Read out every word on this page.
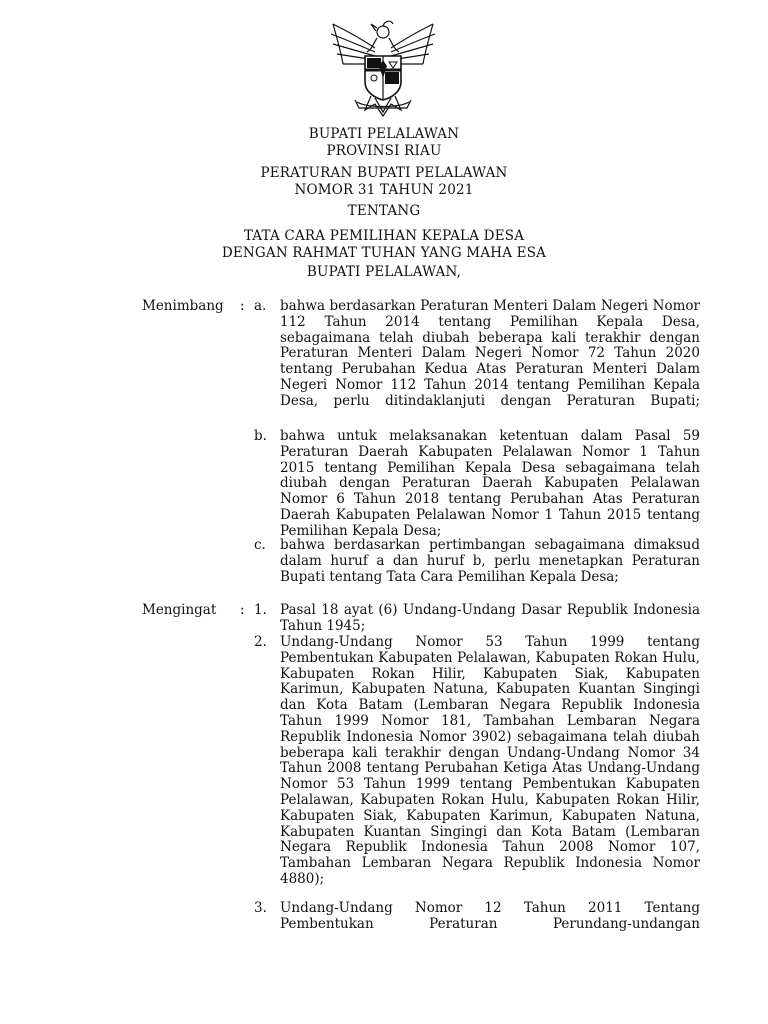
BUPATI PELALAWAN
PROVINSI RIAU
PERATURAN BUPATI PELALAWAN
NOMOR 31 TAHUN 2021
TENTANG
TATA CARA PEMILIHAN KEPALA DESA
DENGAN RAHMAT TUHAN YANG MAHA ESA
BUPATI PELALAWAN,
Menimbang	: a.	bahwa berdasarkan Peraturan Menteri Dalam Negeri Nomor 112 Tahun 2014 tentang Pemilihan Kepala Desa, sebagaimana telah diubah beberapa kali terakhir dengan Peraturan Menteri Dalam Negeri Nomor 72 Tahun 2020 tentang Perubahan Kedua Atas Peraturan Menteri Dalam Negeri Nomor 112 Tahun 2014 tentang Pemilihan Kepala Desa, perlu ditindaklanjuti dengan Peraturan Bupati;
b. bahwa untuk melaksanakan ketentuan dalam Pasal 59 Peraturan Daerah Kabupaten Pelalawan Nomor 1 Tahun 2015 tentang Pemilihan Kepala Desa sebagaimana telah diubah dengan Peraturan Daerah Kabupaten Pelalawan Nomor 6 Tahun 2018 tentang Perubahan Atas Peraturan Daerah Kabupaten Pelalawan Nomor 1 Tahun 2015 tentang Pemilihan Kepala Desa;
c.	bahwa berdasarkan pertimbangan sebagaimana dimaksud dalam huruf a dan huruf b, perlu menetapkan Peraturan Bupati tentang Tata Cara Pemilihan Kepala Desa;
Mengingat	: 1. Pasal 18 ayat (6) Undang-Undang Dasar Republik Indonesia Tahun 1945;
2. Undang-Undang Nomor 53 Tahun 1999 tentang Pembentukan Kabupaten Pelalawan, Kabupaten Rokan Hulu, Kabupaten Rokan Hilir, Kabupaten Siak, Kabupaten Karimun, Kabupaten Natuna, Kabupaten Kuantan Singingi dan Kota Batam (Lembaran Negara Republik Indonesia Tahun 1999 Nomor 181, Tambahan Lembaran Negara Republik Indonesia Nomor 3902) sebagaimana telah diubah beberapa kali terakhir dengan Undang-Undang Nomor 34 Tahun 2008 tentang Perubahan Ketiga Atas Undang-Undang Nomor 53 Tahun 1999 tentang Pembentukan Kabupaten Pelalawan, Kabupaten Rokan Hulu, Kabupaten Rokan Hilir, Kabupaten Siak, Kabupaten Karimun, Kabupaten Natuna, Kabupaten Kuantan Singingi dan Kota Batam (Lembaran Negara Republik Indonesia Tahun 2008 Nomor 107, Tambahan Lembaran Negara Republik Indonesia Nomor 4880);
3. Undang-Undang Nomor 12 Tahun 2011 Tentang Pembentukan Peraturan Perundang-undangan
